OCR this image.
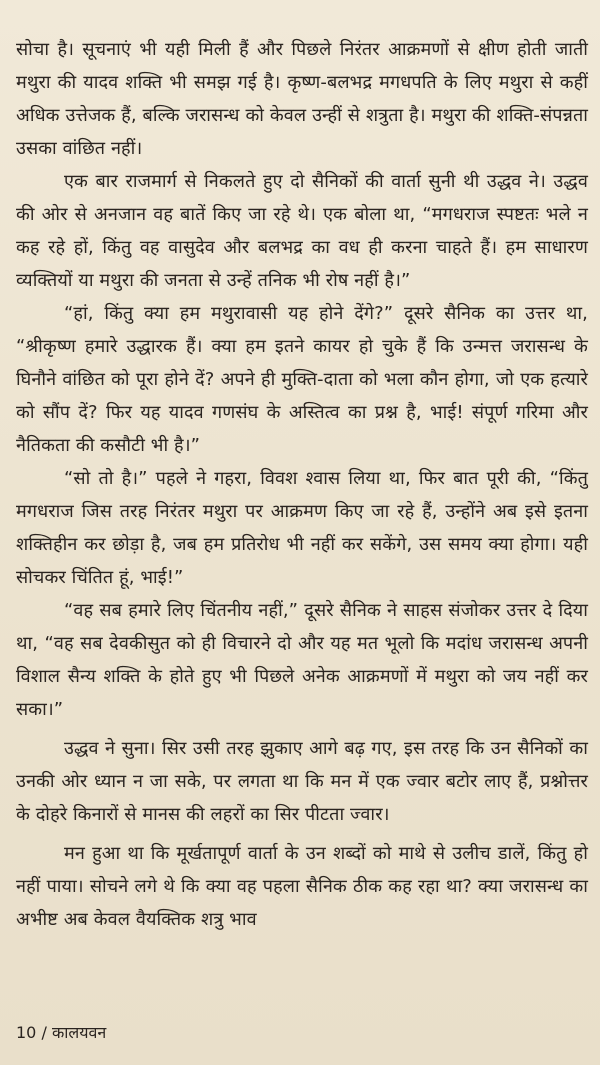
सोचा है। सूचनाएं भी यही मिली हैं और पिछले निरंतर आक्रमणों से क्षीण होती जाती मथुरा की यादव शक्ति भी समझ गई है। कृष्ण-बलभद्र मगधपति के लिए मथुरा से कहीं अधिक उत्तेजक हैं, बल्कि जरासन्ध को केवल उन्हीं से शत्रुता है। मथुरा की शक्ति-संपन्नता उसका वांछित नहीं।

एक बार राजमार्ग से निकलते हुए दो सैनिकों की वार्ता सुनी थी उद्धव ने। उद्धव की ओर से अनजान वह बातें किए जा रहे थे। एक बोला था, “मगधराज स्पष्टतः भले न कह रहे हों, किंतु वह वासुदेव और बलभद्र का वध ही करना चाहते हैं। हम साधारण व्यक्तियों या मथुरा की जनता से उन्हें तनिक भी रोष नहीं है।”

“हां, किंतु क्या हम मथुरावासी यह होने देंगे?” दूसरे सैनिक का उत्तर था, “श्रीकृष्ण हमारे उद्धारक हैं। क्या हम इतने कायर हो चुके हैं कि उन्मत्त जरासन्ध के घिनौने वांछित को पूरा होने दें? अपने ही मुक्ति-दाता को भला कौन होगा, जो एक हत्यारे को सौंप दें? फिर यह यादव गणसंघ के अस्तित्व का प्रश्न है, भाई! संपूर्ण गरिमा और नैतिकता की कसौटी भी है।”

“सो तो है।” पहले ने गहरा, विवश श्वास लिया था, फिर बात पूरी की, “किंतु मगधराज जिस तरह निरंतर मथुरा पर आक्रमण किए जा रहे हैं, उन्होंने अब इसे इतना शक्तिहीन कर छोड़ा है, जब हम प्रतिरोध भी नहीं कर सकेंगे, उस समय क्या होगा। यही सोचकर चिंतित हूं, भाई!”

“वह सब हमारे लिए चिंतनीय नहीं,” दूसरे सैनिक ने साहस संजोकर उत्तर दे दिया था, “वह सब देवकीसुत को ही विचारने दो और यह मत भूलो कि मदांध जरासन्ध अपनी विशाल सैन्य शक्ति के होते हुए भी पिछले अनेक आक्रमणों में मथुरा को जय नहीं कर सका।”

उद्धव ने सुना। सिर उसी तरह झुकाए आगे बढ़ गए, इस तरह कि उन सैनिकों का उनकी ओर ध्यान न जा सके, पर लगता था कि मन में एक ज्वार बटोर लाए हैं, प्रश्नोत्तर के दोहरे किनारों से मानस की लहरों का सिर पीटता ज्वार।

मन हुआ था कि मूर्खतापूर्ण वार्ता के उन शब्दों को माथे से उलीच डालें, किंतु हो नहीं पाया। सोचने लगे थे कि क्या वह पहला सैनिक ठीक कह रहा था? क्या जरासन्ध का अभीष्ट अब केवल वैयक्तिक शत्रु भाव

10 / कालयवन
